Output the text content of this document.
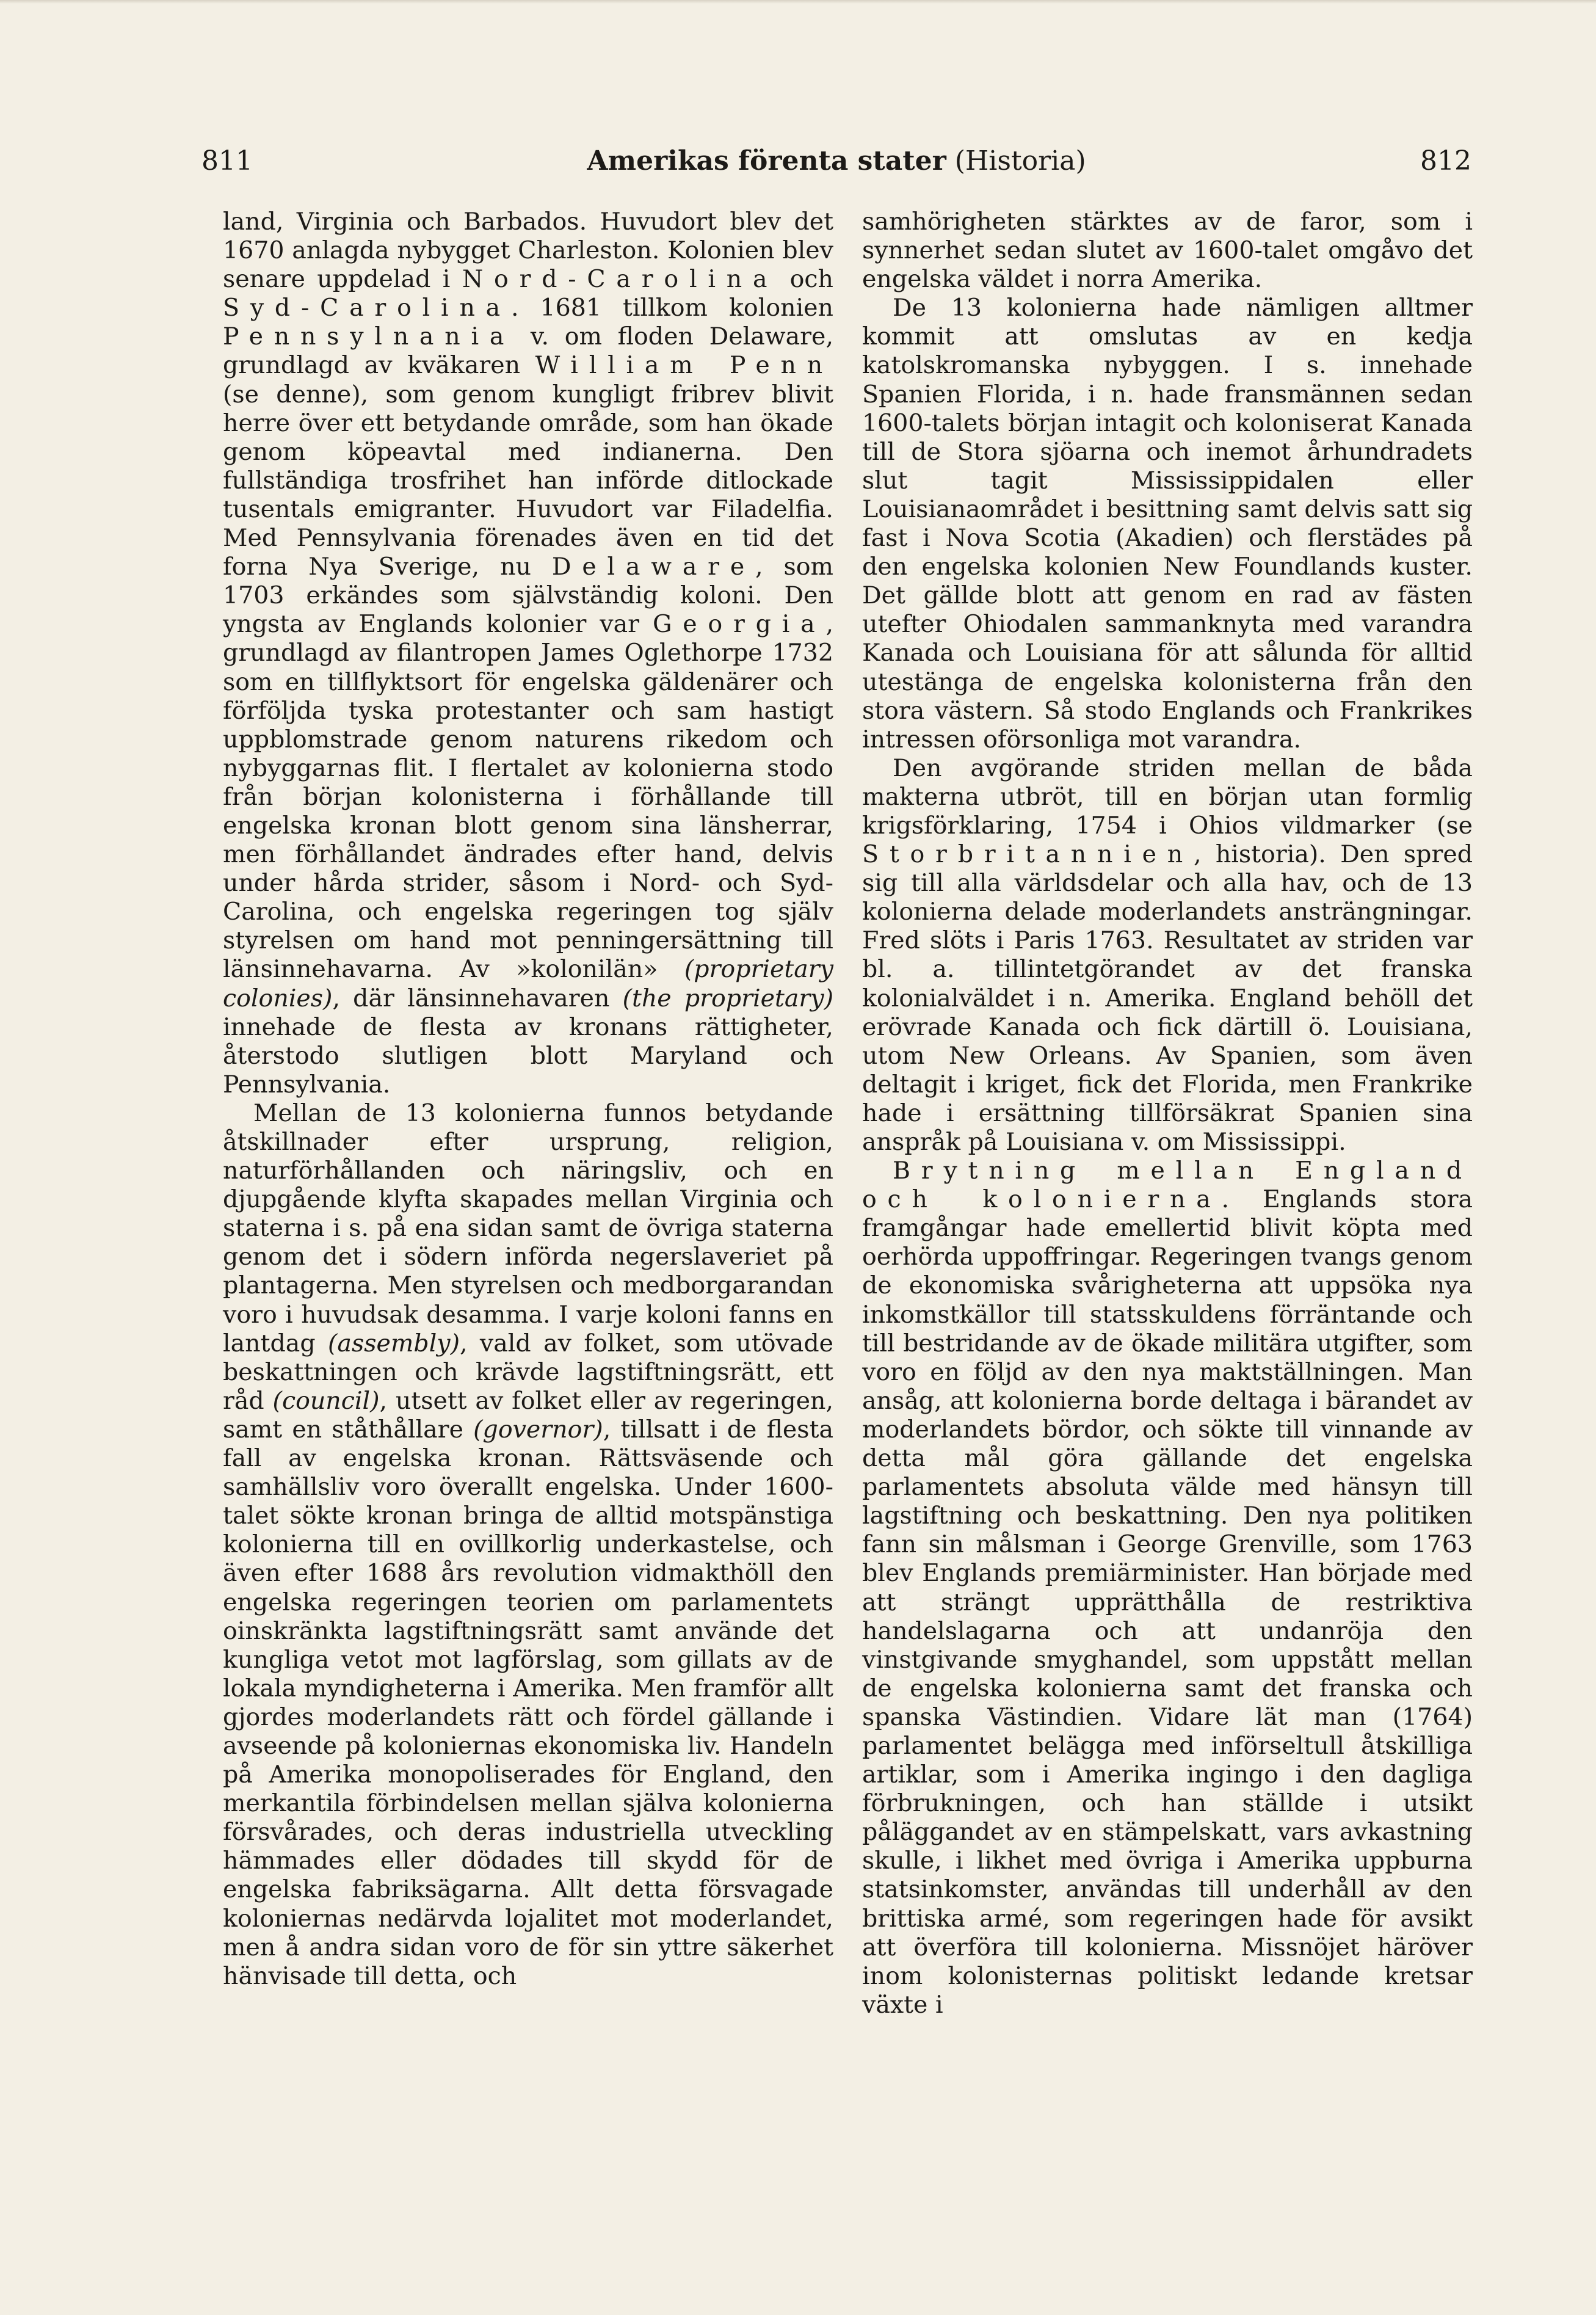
811	Amerikas förenta stater (Historia)	812

land, Virginia och Barbados. Huvudort blev det 1670 anlagda nybygget Charleston. Kolonien blev senare uppdelad i Nord-Carolina och Syd-Carolina. 1681 tillkom kolonien Pennsylnania v. om floden Delaware, grundlagd av kväkaren William Penn (se denne), som genom kungligt fribrev blivit herre över ett betydande område, som han ökade genom köpeavtal med indianerna. Den fullständiga trosfrihet han införde ditlockade tusentals emigranter. Huvudort var Filadelfia. Med Pennsylvania förenades även en tid det forna Nya Sverige, nu Delaware, som 1703 erkändes som självständig koloni. Den yngsta av Englands kolonier var Georgia, grundlagd av filantropen James Oglethorpe 1732 som en tillflyktsort för engelska gäldenärer och förföljda tyska protestanter och sam hastigt uppblomstrade genom naturens rikedom och nybyggarnas flit. I flertalet av kolonierna stodo från början kolonisterna i förhållande till engelska kronan blott genom sina länsherrar, men förhållandet ändrades efter hand, delvis under hårda strider, såsom i Nord- och Syd-Carolina, och engelska regeringen tog själv styrelsen om hand mot penningersättning till länsinnehavarna. Av »kolonilän» (proprietary colonies), där länsinnehavaren (the proprietary) innehade de flesta av kronans rättigheter, återstodo slutligen blott Maryland och Pennsylvania.

Mellan de 13 kolonierna funnos betydande åtskillnader efter ursprung, religion, naturförhållanden och näringsliv, och en djupgående klyfta skapades mellan Virginia och staterna i s. på ena sidan samt de övriga staterna genom det i södern införda negerslaveriet på plantagerna. Men styrelsen och medborgarandan voro i huvudsak desamma. I varje koloni fanns en lantdag (assembly), vald av folket, som utövade beskattningen och krävde lagstiftningsrätt, ett råd (council), utsett av folket eller av regeringen, samt en ståthållare (governor), tillsatt i de flesta fall av engelska kronan. Rättsväsende och samhällsliv voro överallt engelska. Under 1600-talet sökte kronan bringa de alltid motspänstiga kolonierna till en ovillkorlig underkastelse, och även efter 1688 års revolution vidmakthöll den engelska regeringen teorien om parlamentets oinskränkta lagstiftningsrätt samt använde det kungliga vetot mot lagförslag, som gillats av de lokala myndigheterna i Amerika. Men framför allt gjordes moderlandets rätt och fördel gällande i avseende på koloniernas ekonomiska liv. Handeln på Amerika monopoliserades för England, den merkantila förbindelsen mellan själva kolonierna försvårades, och deras industriella utveckling hämmades eller dödades till skydd för de engelska fabriksägarna. Allt detta försvagade koloniernas nedärvda lojalitet mot moderlandet, men å andra sidan voro de för sin yttre säkerhet hänvisade till detta, och

samhörigheten stärktes av de faror, som i synnerhet sedan slutet av 1600-talet omgåvo det engelska väldet i norra Amerika.

De 13 kolonierna hade nämligen alltmer kommit att omslutas av en kedja katolskromanska nybyggen. I s. innehade Spanien Florida, i n. hade fransmännen sedan 1600-talets början intagit och koloniserat Kanada till de Stora sjöarna och inemot århundradets slut tagit Mississippidalen eller Louisianaområdet i besittning samt delvis satt sig fast i Nova Scotia (Akadien) och flerstädes på den engelska kolonien New Foundlands kuster. Det gällde blott att genom en rad av fästen utefter Ohiodalen sammanknyta med varandra Kanada och Louisiana för att sålunda för alltid utestänga de engelska kolonisterna från den stora västern. Så stodo Englands och Frankrikes intressen oförsonliga mot varandra.

Den avgörande striden mellan de båda makterna utbröt, till en början utan formlig krigsförklaring, 1754 i Ohios vildmarker (se Storbritannien, historia). Den spred sig till alla världsdelar och alla hav, och de 13 kolonierna delade moderlandets ansträngningar. Fred slöts i Paris 1763. Resultatet av striden var bl. a. tillintetgörandet av det franska kolonialväldet i n. Amerika. England behöll det erövrade Kanada och fick därtill ö. Louisiana, utom New Orleans. Av Spanien, som även deltagit i kriget, fick det Florida, men Frankrike hade i ersättning tillförsäkrat Spanien sina anspråk på Louisiana v. om Mississippi.

Brytning mellan England och kolonierna. Englands stora framgångar hade emellertid blivit köpta med oerhörda uppoffringar. Regeringen tvangs genom de ekonomiska svårigheterna att uppsöka nya inkomstkällor till statsskuldens förräntande och till bestridande av de ökade militära utgifter, som voro en följd av den nya maktställningen. Man ansåg, att kolonierna borde deltaga i bärandet av moderlandets bördor, och sökte till vinnande av detta mål göra gällande det engelska parlamentets absoluta välde med hänsyn till lagstiftning och beskattning. Den nya politiken fann sin målsman i George Grenville, som 1763 blev Englands premiärminister. Han började med att strängt upprätthålla de restriktiva handelslagarna och att undanröja den vinstgivande smyghandel, som uppstått mellan de engelska kolonierna samt det franska och spanska Västindien. Vidare lät man (1764) parlamentet belägga med införseltull åtskilliga artiklar, som i Amerika ingingo i den dagliga förbrukningen, och han ställde i utsikt påläggandet av en stämpelskatt, vars avkastning skulle, i likhet med övriga i Amerika uppburna statsinkomster, användas till underhåll av den brittiska armé, som regeringen hade för avsikt att överföra till kolonierna. Missnöjet häröver inom kolonisternas politiskt ledande kretsar växte i
